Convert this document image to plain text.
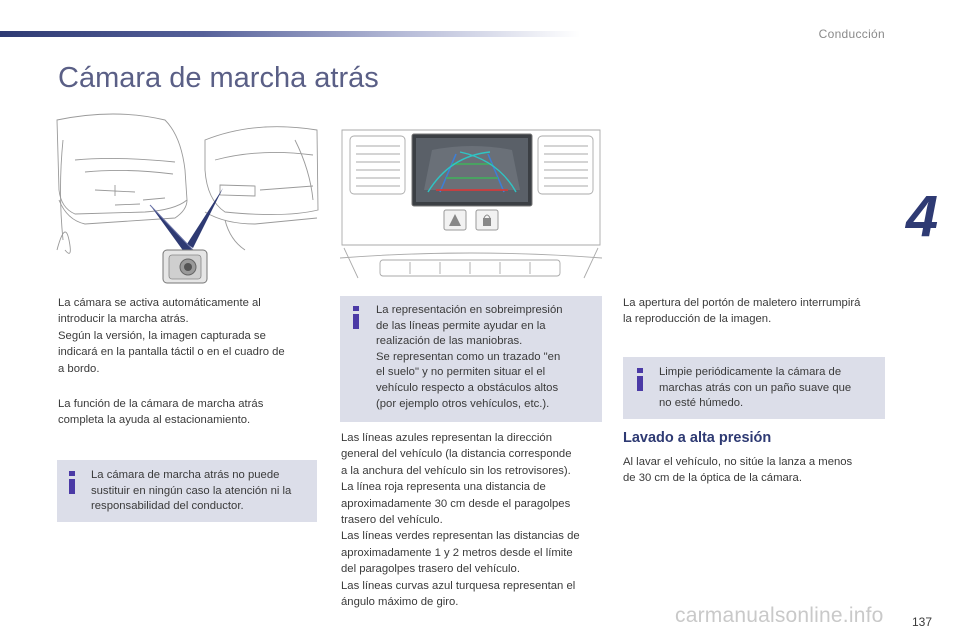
Conducción
4
Cámara de marcha atrás

La cámara se activa automáticamente al
introducir la marcha atrás.
Según la versión, la imagen capturada se
indicará en la pantalla táctil o en el cuadro de
a bordo.

La función de la cámara de marcha atrás
completa la ayuda al estacionamiento.

La cámara de marcha atrás no puede
sustituir en ningún caso la atención ni la
responsabilidad del conductor.

La representación en sobreimpresión
de las líneas permite ayudar en la
realización de las maniobras.
Se representan como un trazado "en
el suelo" y no permiten situar el el
vehículo respecto a obstáculos altos
(por ejemplo otros vehículos, etc.).

Las líneas azules representan la dirección
general del vehículo (la distancia corresponde
a la anchura del vehículo sin los retrovisores).
La línea roja representa una distancia de
aproximadamente 30 cm desde el paragolpes
trasero del vehículo.
Las líneas verdes representan las distancias de
aproximadamente 1 y 2 metros desde el límite
del paragolpes trasero del vehículo.
Las líneas curvas azul turquesa representan el
ángulo máximo de giro.

La apertura del portón de maletero interrumpirá
la reproducción de la imagen.

Limpie periódicamente la cámara de
marchas atrás con un paño suave que
no esté húmedo.

Lavado a alta presión

Al lavar el vehículo, no sitúe la lanza a menos
de 30 cm de la óptica de la cámara.

carmanualsonline.info 137
